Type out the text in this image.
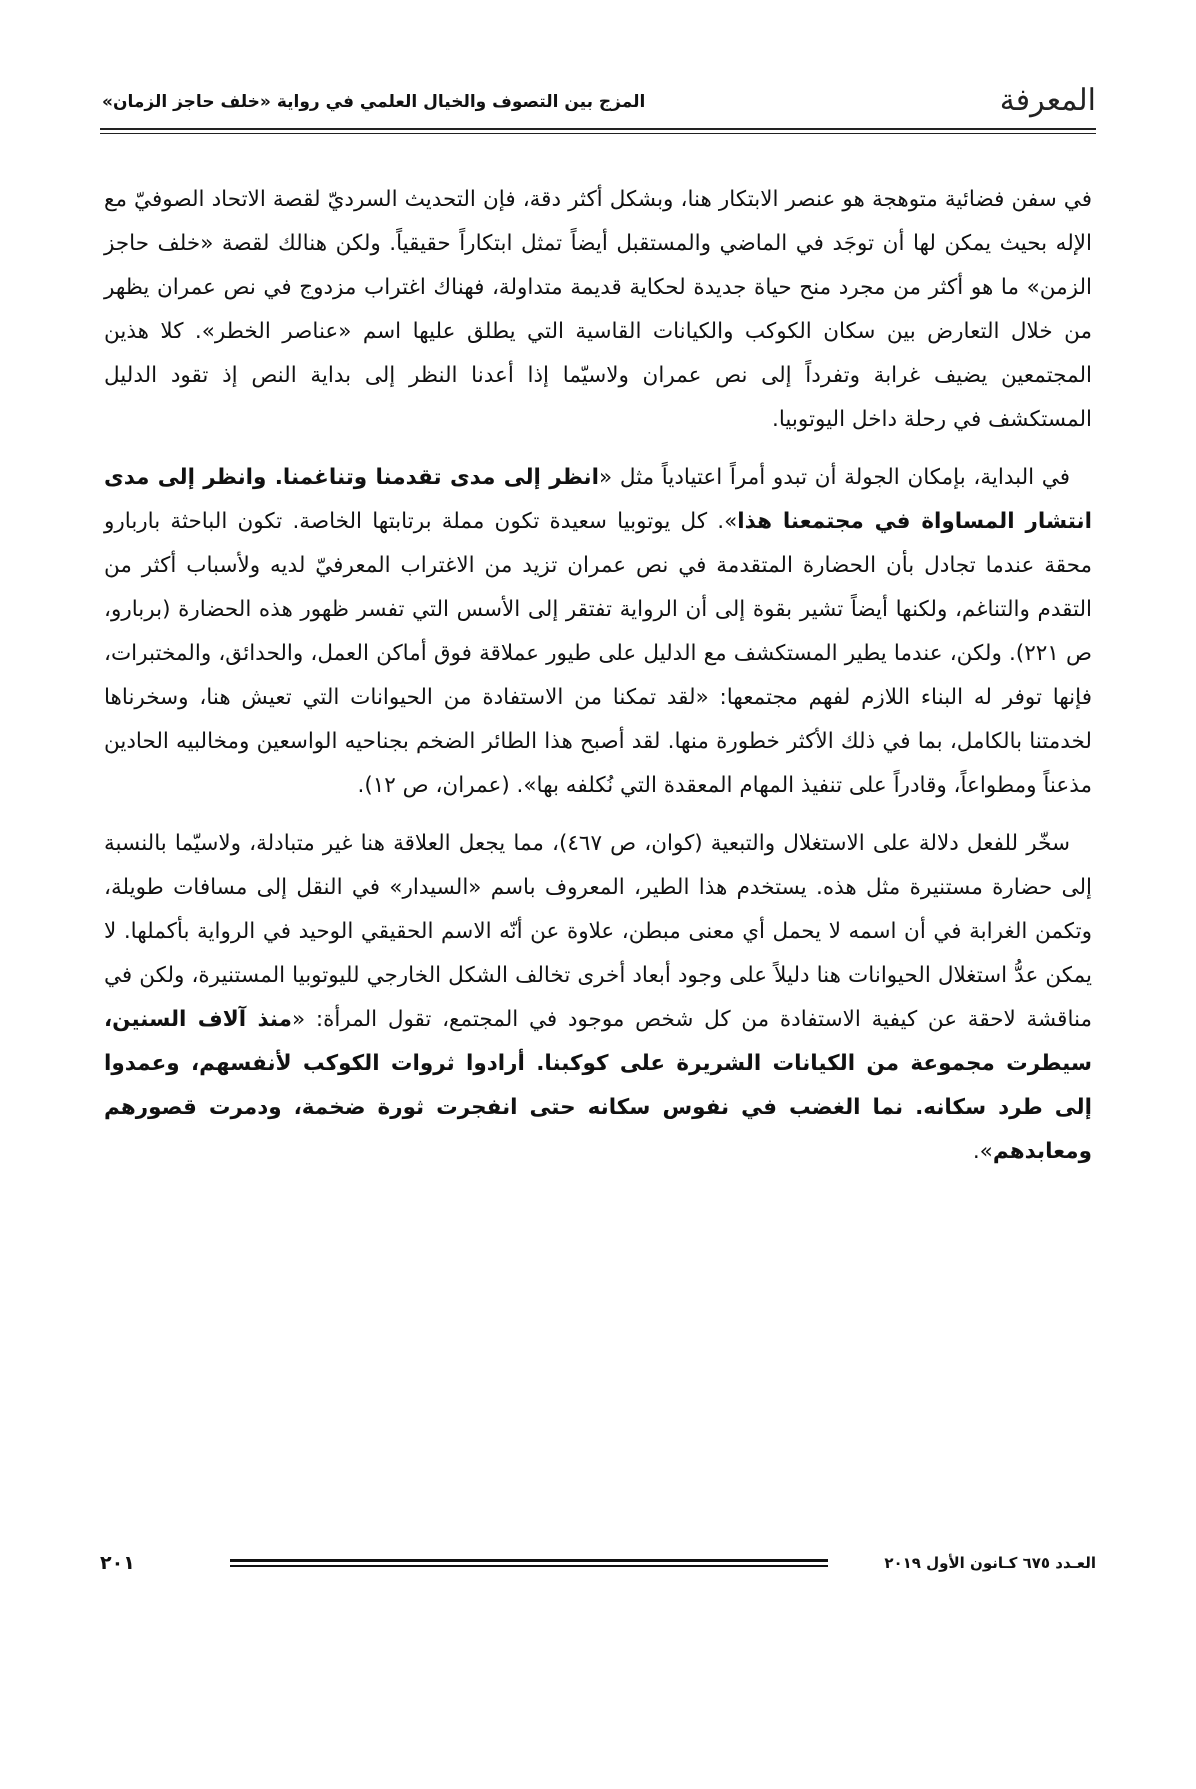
المعرفة
المزج بين التصوف والخيال العلمي في رواية «خلف حاجز الزمان»

في سفن فضائية متوهجة هو عنصر الابتكار هنا، وبشكل أكثر دقة، فإن التحديث السرديّ لقصة الاتحاد الصوفيّ مع الإله بحيث يمكن لها أن توجَد في الماضي والمستقبل أيضاً تمثل ابتكاراً حقيقياً. ولكن هنالك لقصة «خلف حاجز الزمن» ما هو أكثر من مجرد منح حياة جديدة لحكاية قديمة متداولة، فهناك اغتراب مزدوج في نص عمران يظهر من خلال التعارض بين سكان الكوكب والكيانات القاسية التي يطلق عليها اسم «عناصر الخطر». كلا هذين المجتمعين يضيف غرابة وتفرداً إلى نص عمران ولاسيّما إذا أعدنا النظر إلى بداية النص إذ تقود الدليل المستكشف في رحلة داخل اليوتوبيا.

في البداية، بإمكان الجولة أن تبدو أمراً اعتيادياً مثل «انظر إلى مدى تقدمنا وتناغمنا. وانظر إلى مدى انتشار المساواة في مجتمعنا هذا». كل يوتوبيا سعيدة تكون مملة برتابتها الخاصة. تكون الباحثة باربارو محقة عندما تجادل بأن الحضارة المتقدمة في نص عمران تزيد من الاغتراب المعرفيّ لديه ولأسباب أكثر من التقدم والتناغم، ولكنها أيضاً تشير بقوة إلى أن الرواية تفتقر إلى الأسس التي تفسر ظهور هذه الحضارة (بربارو، ص ٢٢١). ولكن، عندما يطير المستكشف مع الدليل على طيور عملاقة فوق أماكن العمل، والحدائق، والمختبرات، فإنها توفر له البناء اللازم لفهم مجتمعها: «لقد تمكنا من الاستفادة من الحيوانات التي تعيش هنا، وسخرناها لخدمتنا بالكامل، بما في ذلك الأكثر خطورة منها. لقد أصبح هذا الطائر الضخم بجناحيه الواسعين ومخالبيه الحادين مذعناً ومطواعاً، وقادراً على تنفيذ المهام المعقدة التي نُكلفه بها». (عمران، ص ١٢).

سخّر للفعل دلالة على الاستغلال والتبعية (كوان، ص ٤٦٧)، مما يجعل العلاقة هنا غير متبادلة، ولاسيّما بالنسبة إلى حضارة مستنيرة مثل هذه. يستخدم هذا الطير، المعروف باسم «السيدار» في النقل إلى مسافات طويلة، وتكمن الغرابة في أن اسمه لا يحمل أي معنى مبطن، علاوة عن أنّه الاسم الحقيقي الوحيد في الرواية بأكملها. لا يمكن عدُّ استغلال الحيوانات هنا دليلاً على وجود أبعاد أخرى تخالف الشكل الخارجي لليوتوبيا المستنيرة، ولكن في مناقشة لاحقة عن كيفية الاستفادة من كل شخص موجود في المجتمع، تقول المرأة: «منذ آلاف السنين، سيطرت مجموعة من الكيانات الشريرة على كوكبنا. أرادوا ثروات الكوكب لأنفسهم، وعمدوا إلى طرد سكانه. نما الغضب في نفوس سكانه حتى انفجرت ثورة ضخمة، ودمرت قصورهم ومعابدهم».

العـدد ٦٧٥ كـانون الأول ٢٠١٩
٢٠١
